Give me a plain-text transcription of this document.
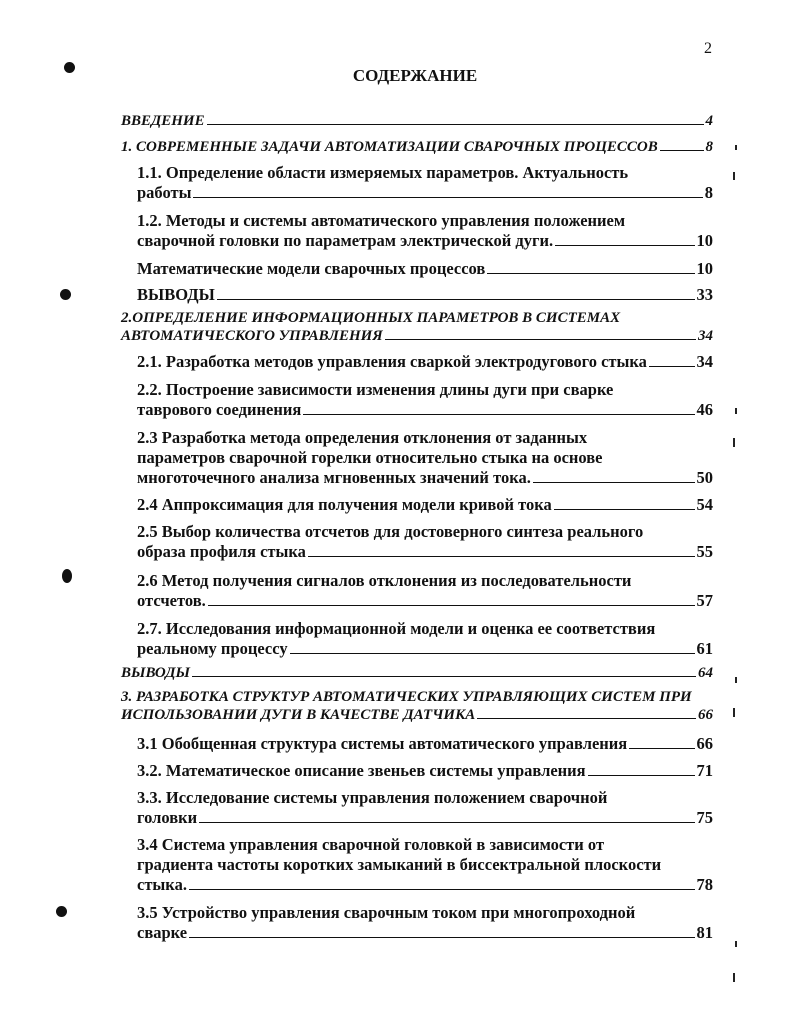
2
СОДЕРЖАНИЕ
ВВЕДЕНИЕ	4
1. СОВРЕМЕННЫЕ ЗАДАЧИ АВТОМАТИЗАЦИИ СВАРОЧНЫХ ПРОЦЕССОВ	8
1.1. Определение области измеряемых параметров. Актуальность
работы	8
1.2. Методы и системы автоматического управления положением
сварочной головки по параметрам электрической дуги.	10
Математические модели сварочных процессов	10
ВЫВОДЫ	33
2.ОПРЕДЕЛЕНИЕ ИНФОРМАЦИОННЫХ ПАРАМЕТРОВ В СИСТЕМАХ
АВТОМАТИЧЕСКОГО УПРАВЛЕНИЯ	34
2.1. Разработка методов управления сваркой электродугового стыка	34
2.2. Построение зависимости изменения длины дуги при сварке
таврового соединения	46
2.3 Разработка метода определения отклонения от заданных
параметров сварочной горелки относительно стыка на основе
многоточечного анализа мгновенных значений тока.	50
2.4 Аппроксимация для получения модели кривой тока	54
2.5 Выбор количества отсчетов для достоверного синтеза реального
образа профиля стыка	55
2.6 Метод получения сигналов отклонения из последовательности
отсчетов.	57
2.7. Исследования информационной модели и оценка ее соответствия
реальному процессу	61
ВЫВОДЫ	64
3. РАЗРАБОТКА СТРУКТУР АВТОМАТИЧЕСКИХ УПРАВЛЯЮЩИХ СИСТЕМ ПРИ
ИСПОЛЬЗОВАНИИ ДУГИ В КАЧЕСТВЕ ДАТЧИКА	66
3.1 Обобщенная структура системы автоматического управления	66
3.2. Математическое описание звеньев системы управления	71
3.3. Исследование системы управления положением сварочной
головки	75
3.4 Система управления сварочной головкой в зависимости от
градиента частоты коротких замыканий в биссектральной плоскости
стыка.	78
3.5 Устройство управления сварочным током при многопроходной
сварке	81
